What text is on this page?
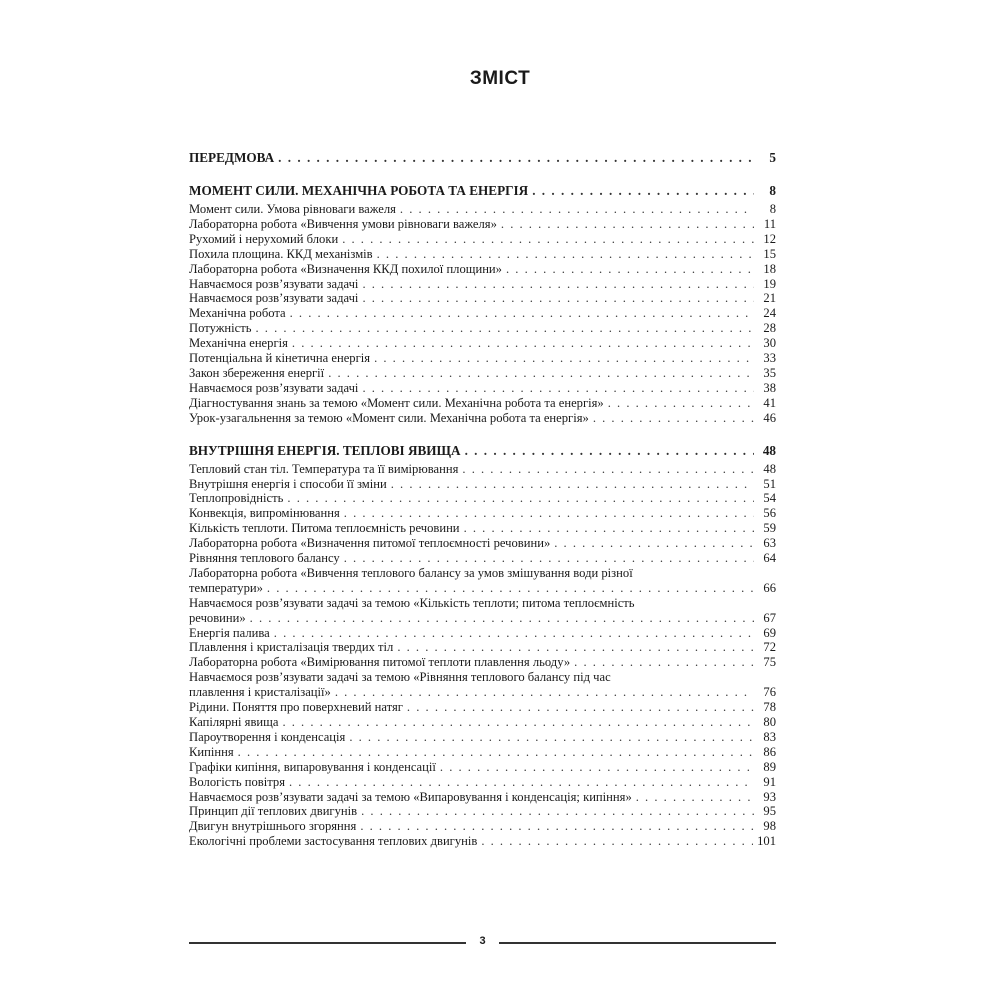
ЗМІСТ
ПЕРЕДМОВА . . .	5
МОМЕНТ СИЛИ. МЕХАНІЧНА РОБОТА ТА ЕНЕРГІЯ . . .	8
Момент сили. Умова рівноваги важеля . . .	8
Лабораторна робота «Вивчення умови рівноваги важеля» . . .	11
Рухомий і нерухомий блоки . . .	12
Похила площина. ККД механізмів . . .	15
Лабораторна робота «Визначення ККД похилої площини» . . .	18
Навчаємося розв’язувати задачі . . .	19
Навчаємося розв’язувати задачі . . .	21
Механічна робота . . .	24
Потужність . . .	28
Механічна енергія . . .	30
Потенціальна й кінетична енергія . . .	33
Закон збереження енергії . . .	35
Навчаємося розв’язувати задачі . . .	38
Діагностування знань за темою «Момент сили. Механічна робота та енергія» . . .	41
Урок-узагальнення за темою «Момент сили. Механічна робота та енергія» . . .	46
ВНУТРІШНЯ ЕНЕРГІЯ. ТЕПЛОВІ ЯВИЩА . . .	48
Тепловий стан тіл. Температура та її вимірювання . . .	48
Внутрішня енергія і способи її зміни . . .	51
Теплопровідність . . .	54
Конвекція, випромінювання . . .	56
Кількість теплоти. Питома теплоємність речовини . . .	59
Лабораторна робота «Визначення питомої теплоємності речовини» . . .	63
Рівняння теплового балансу . . .	64
Лабораторна робота «Вивчення теплового балансу за умов змішування води різної
температури» . . .	66
Навчаємося розв’язувати задачі за темою «Кількість теплоти; питома теплоємність
речовини» . . .	67
Енергія палива . . .	69
Плавлення і кристалізація твердих тіл . . .	72
Лабораторна робота «Вимірювання питомої теплоти плавлення льоду» . . .	75
Навчаємося розв’язувати задачі за темою «Рівняння теплового балансу під час
плавлення і кристалізації» . . .	76
Рідини. Поняття про поверхневий натяг . . .	78
Капілярні явища . . .	80
Пароутворення і конденсація . . .	83
Кипіння . . .	86
Графіки кипіння, випаровування і конденсації . . .	89
Вологість повітря . . .	91
Навчаємося розв’язувати задачі за темою «Випаровування і конденсація; кипіння» . . .	93
Принцип дії теплових двигунів . . .	95
Двигун внутрішнього згоряння . . .	98
Екологічні проблеми застосування теплових двигунів . . .	101
3
